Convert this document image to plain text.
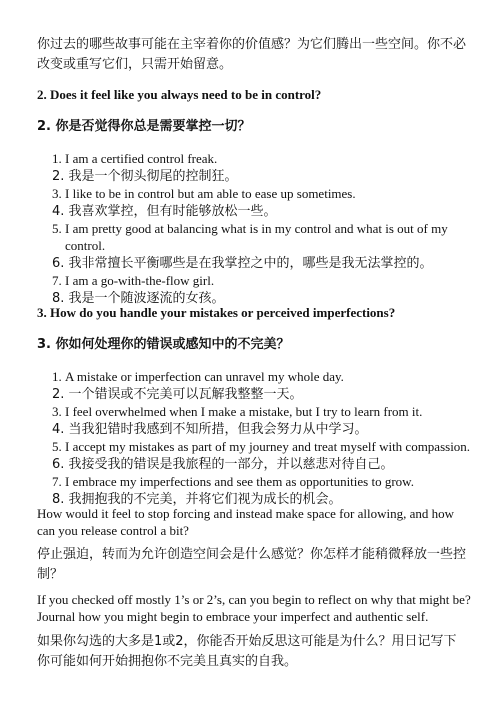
你过去的哪些故事可能在主宰着你的价值感？为它们腾出一些空间。你不必改变或重写它们，只需开始留意。

2. Does it feel like you always need to be in control?

2. 你是否觉得你总是需要掌控一切？

1. I am a certified control freak.
2. 我是一个彻头彻尾的控制狂。
3. I like to be in control but am able to ease up sometimes.
4. 我喜欢掌控，但有时能够放松一些。
5. I am pretty good at balancing what is in my control and what is out of my control.
6. 我非常擅长平衡哪些是在我掌控之中的，哪些是我无法掌控的。
7. I am a go-with-the-flow girl.
8. 我是一个随波逐流的女孩。

3. How do you handle your mistakes or perceived imperfections?

3. 你如何处理你的错误或感知中的不完美？

1. A mistake or imperfection can unravel my whole day.
2. 一个错误或不完美可以瓦解我整整一天。
3. I feel overwhelmed when I make a mistake, but I try to learn from it.
4. 当我犯错时我感到不知所措，但我会努力从中学习。
5. I accept my mistakes as part of my journey and treat myself with compassion.
6. 我接受我的错误是我旅程的一部分，并以慈悲对待自己。
7. I embrace my imperfections and see them as opportunities to grow.
8. 我拥抱我的不完美，并将它们视为成长的机会。

How would it feel to stop forcing and instead make space for allowing, and how can you release control a bit?

停止强迫，转而为允许创造空间会是什么感觉？你怎样才能稍微释放一些控制？

If you checked off mostly 1’s or 2’s, can you begin to reflect on why that might be? Journal how you might begin to embrace your imperfect and authentic self.

如果你勾选的大多是1或2，你能否开始反思这可能是为什么？用日记写下你可能如何开始拥抱你不完美且真实的自我。
